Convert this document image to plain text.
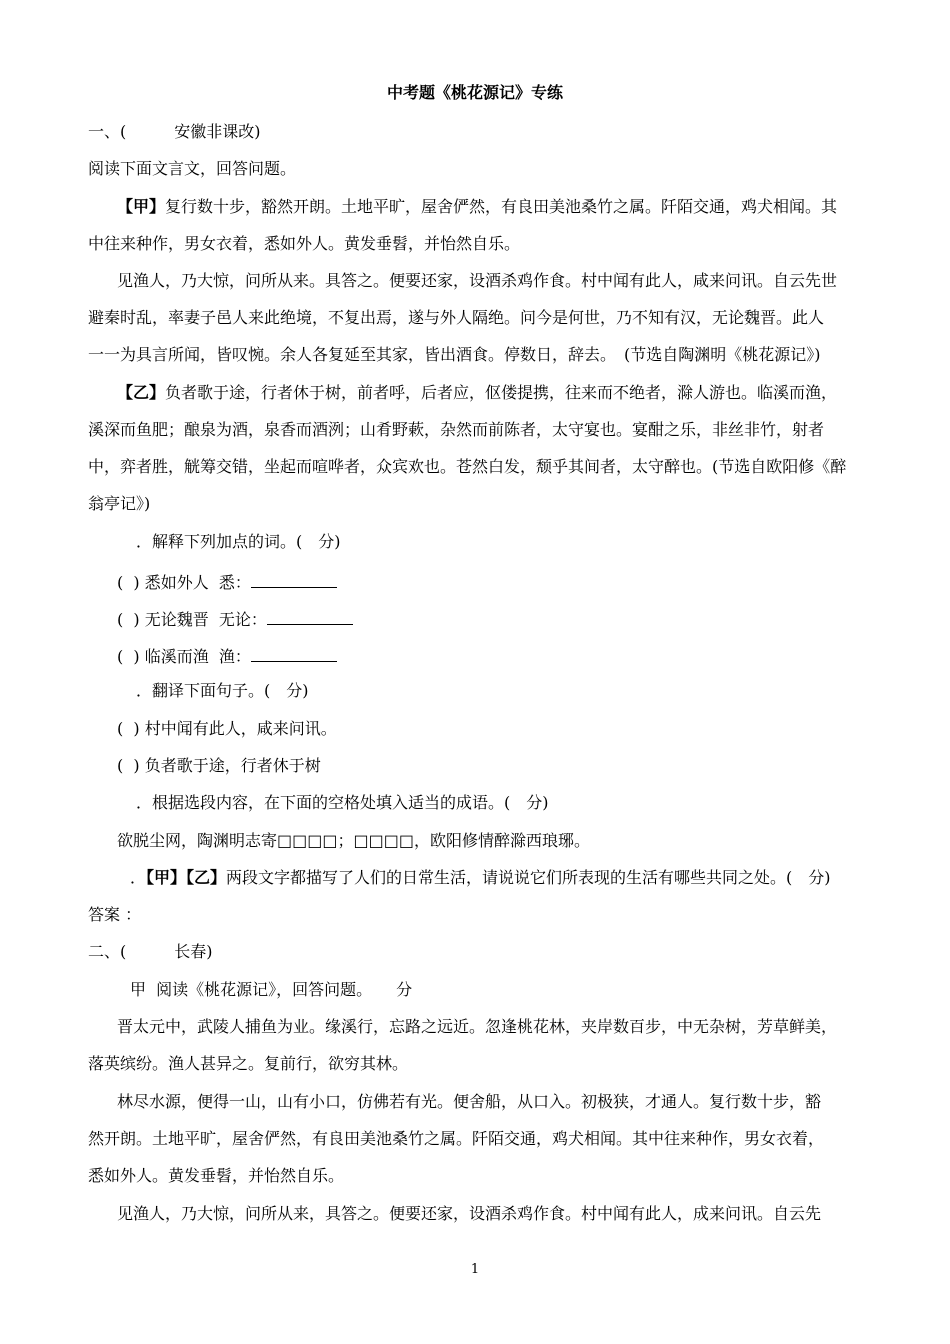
中考题《桃花源记》专练
一、(　　　安徽非课改)
阅读下面文言文，回答问题。
【甲】复行数十步，豁然开朗。土地平旷，屋舍俨然，有良田美池桑竹之属。阡陌交通，鸡犬相闻。其
中往来种作，男女衣着，悉如外人。黄发垂髫，并怡然自乐。
见渔人，乃大惊，问所从来。具答之。便要还家，设酒杀鸡作食。村中闻有此人，咸来问讯。自云先世
避秦时乱，率妻子邑人来此绝境，不复出焉，遂与外人隔绝。问今是何世，乃不知有汉，无论魏晋。此人
一一为具言所闻，皆叹惋。余人各复延至其家，皆出酒食。停数日，辞去。　(节选自陶渊明《桃花源记》)
【乙】负者歌于途，行者休于树，前者呼，后者应，伛偻提携，往来而不绝者，滁人游也。临溪而渔，
溪深而鱼肥；酿泉为酒，泉香而酒洌；山肴野蔌，杂然而前陈者，太守宴也。宴酣之乐，非丝非竹，射者
中，弈者胜，觥筹交错，坐起而喧哗者，众宾欢也。苍然白发，颓乎其间者，太守醉也。(节选自欧阳修《醉
翁亭记》)
．解释下列加点的词。(　分)
(  ) 悉如外人  悉：
(  ) 无论魏晋  无论：
(  ) 临溪而渔  渔：
．翻译下面句子。(　分)
(  ) 村中闻有此人，咸来问讯。
(  ) 负者歌于途，行者休于树
．根据选段内容，在下面的空格处填入适当的成语。(　分)
欲脱尘网，陶渊明志寄□□□□；□□□□，欧阳修情醉滁西琅琊。
．【甲】【乙】两段文字都描写了人们的日常生活，请说说它们所表现的生活有哪些共同之处。(　分)
答案 ：
二、(　　　长春)
甲  阅读《桃花源记》，回答问题。　　分
晋太元中，武陵人捕鱼为业。缘溪行，忘路之远近。忽逢桃花林，夹岸数百步，中无杂树，芳草鲜美，
落英缤纷。渔人甚异之。复前行，欲穷其林。
林尽水源，便得一山，山有小口，仿佛若有光。便舍船，从口入。初极狭，才通人。复行数十步，豁
然开朗。土地平旷，屋舍俨然，有良田美池桑竹之属。阡陌交通，鸡犬相闻。其中往来种作，男女衣着，
悉如外人。黄发垂髫，并怡然自乐。
见渔人，乃大惊，问所从来，具答之。便要还家，设酒杀鸡作食。村中闻有此人，成来问讯。自云先
1
